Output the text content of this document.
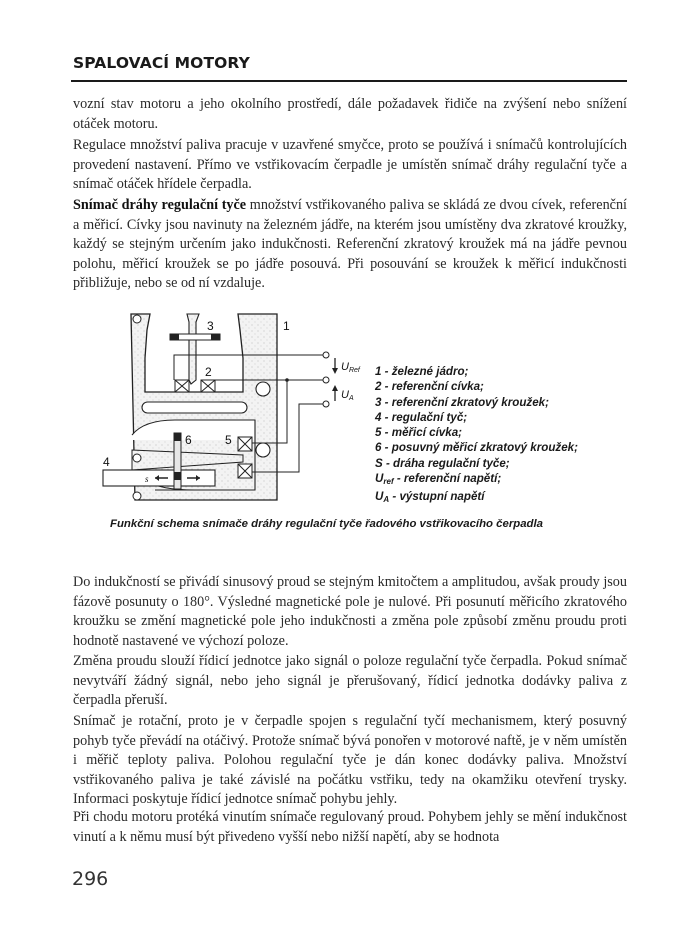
SPALOVACÍ MOTORY

vozní stav motoru a jeho okolního prostředí, dále požadavek řidiče na zvýšení nebo snížení otáček motoru.

Regulace množství paliva pracuje v uzavřené smyčce, proto se používá i snímačů kontrolujících provedení nastavení. Přímo ve vstřikovacím čerpadle je umístěn snímač dráhy regulační tyče a snímač otáček hřídele čerpadla.

Snímač dráhy regulační tyče množství vstřikovaného paliva se skládá ze dvou cívek, referenční a měřicí. Cívky jsou navinuty na železném jádře, na kterém jsou umístěny dva zkratové kroužky, každý se stejným určením jako indukčnosti. Referenční zkratový kroužek má na jádře pevnou polohu, měřicí kroužek se po jádře posouvá. Při posouvání se kroužek k měřicí indukčnosti přibližuje, nebo se od ní vzdaluje.

3	1
2
6	5
4
s
URef
UA
1 - železné jádro;
2 - referenční cívka;
3 - referenční zkratový kroužek;
4 - regulační tyč;
5 - měřicí cívka;
6 - posuvný měřicí zkratový kroužek;
S - dráha regulační tyče;
$U_{ref}$ - referenční napětí;
$U_A$ - výstupní napětí
Funkční schema snímače dráhy regulační tyče řadového vstřikovacího čerpadla

Do indukčností se přivádí sinusový proud se stejným kmitočtem a amplitudou, avšak proudy jsou fázově posunuty o 180°. Výsledné magnetické pole je nulové. Při posunutí měřicího zkratového kroužku se změní magnetické pole jeho indukčnosti a změna pole způsobí změnu proudu proti hodnotě nastavené ve výchozí poloze.

Změna proudu slouží řídicí jednotce jako signál o poloze regulační tyče čerpadla. Pokud snímač nevytváří žádný signál, nebo jeho signál je přerušovaný, řídicí jednotka dodávky paliva z čerpadla přeruší.

Snímač je rotační, proto je v čerpadle spojen s regulační tyčí mechanismem, který posuvný pohyb tyče převádí na otáčivý. Protože snímač bývá ponořen v motorové naftě, je v něm umístěn i měřič teploty paliva. Polohou regulační tyče je dán konec dodávky paliva. Množství vstřikovaného paliva je také závislé na počátku vstřiku, tedy na okamžiku otevření trysky. Informaci poskytuje řídicí jednotce snímač pohybu jehly.

Při chodu motoru protéká vinutím snímače regulovaný proud. Pohybem jehly se mění indukčnost vinutí a k němu musí být přivedeno vyšší nebo nižší napětí, aby se hodnota

296
